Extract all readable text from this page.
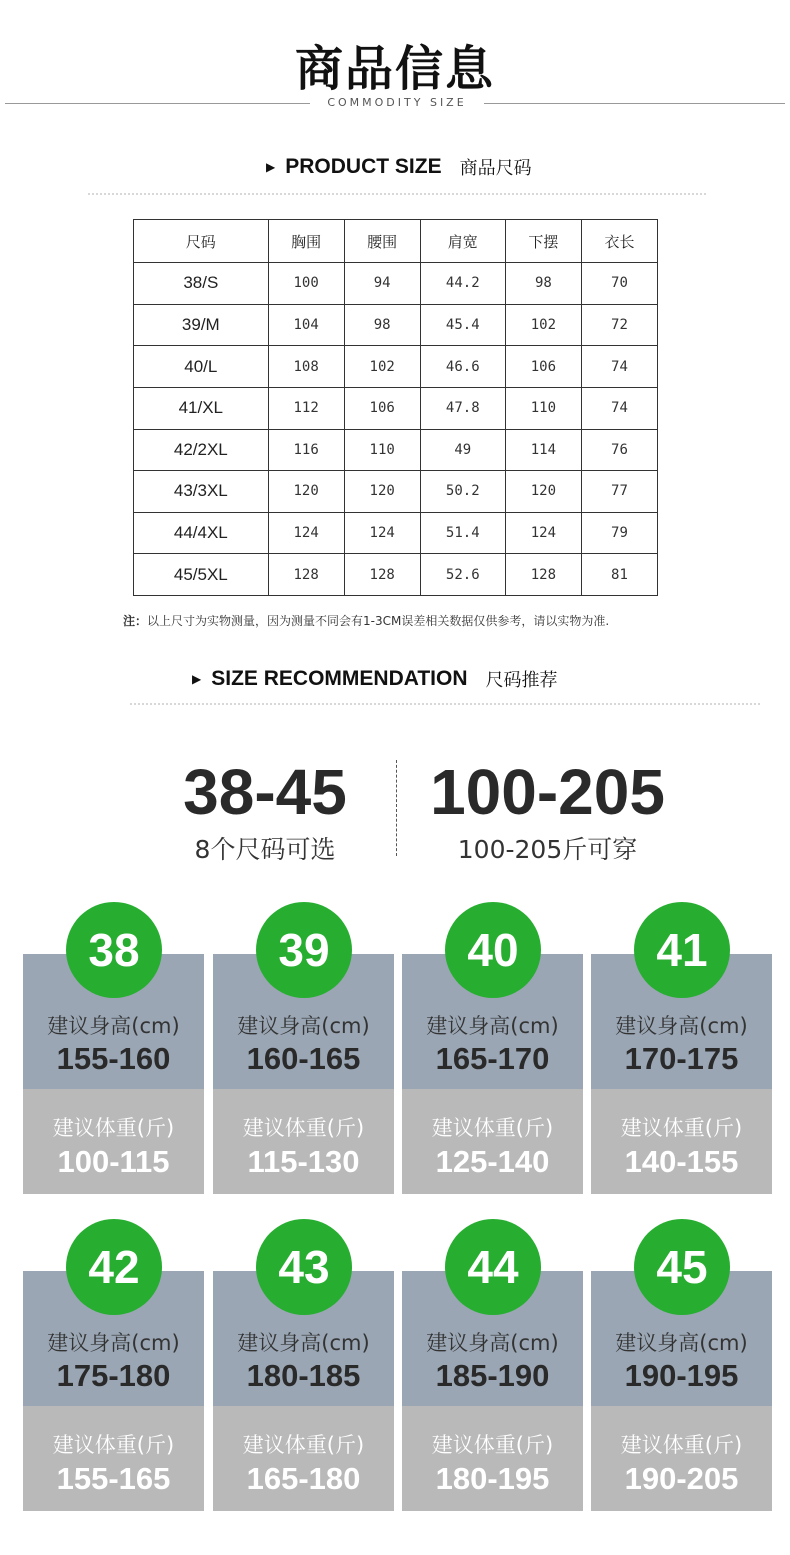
商品信息
COMMODITY SIZE
▶ PRODUCT SIZE 商品尺码
尺码	胸围	腰围	肩宽	下摆	衣长
38/S	100	94	44.2	98	70
39/M	104	98	45.4	102	72
40/L	108	102	46.6	106	74
41/XL	112	106	47.8	110	74
42/2XL	116	110	49	114	76
43/3XL	120	120	50.2	120	77
44/4XL	124	124	51.4	124	79
45/5XL	128	128	52.6	128	81
注：以上尺寸为实物测量，因为测量不同会有1-3CM误差相关数据仅供参考，请以实物为准.
▶ SIZE RECOMMENDATION 尺码推荐
38-45
8个尺码可选
100-205
100-205斤可穿
38
建议身高(cm)
155-160
建议体重(斤)
100-115
39
建议身高(cm)
160-165
建议体重(斤)
115-130
40
建议身高(cm)
165-170
建议体重(斤)
125-140
41
建议身高(cm)
170-175
建议体重(斤)
140-155
42
建议身高(cm)
175-180
建议体重(斤)
155-165
43
建议身高(cm)
180-185
建议体重(斤)
165-180
44
建议身高(cm)
185-190
建议体重(斤)
180-195
45
建议身高(cm)
190-195
建议体重(斤)
190-205
